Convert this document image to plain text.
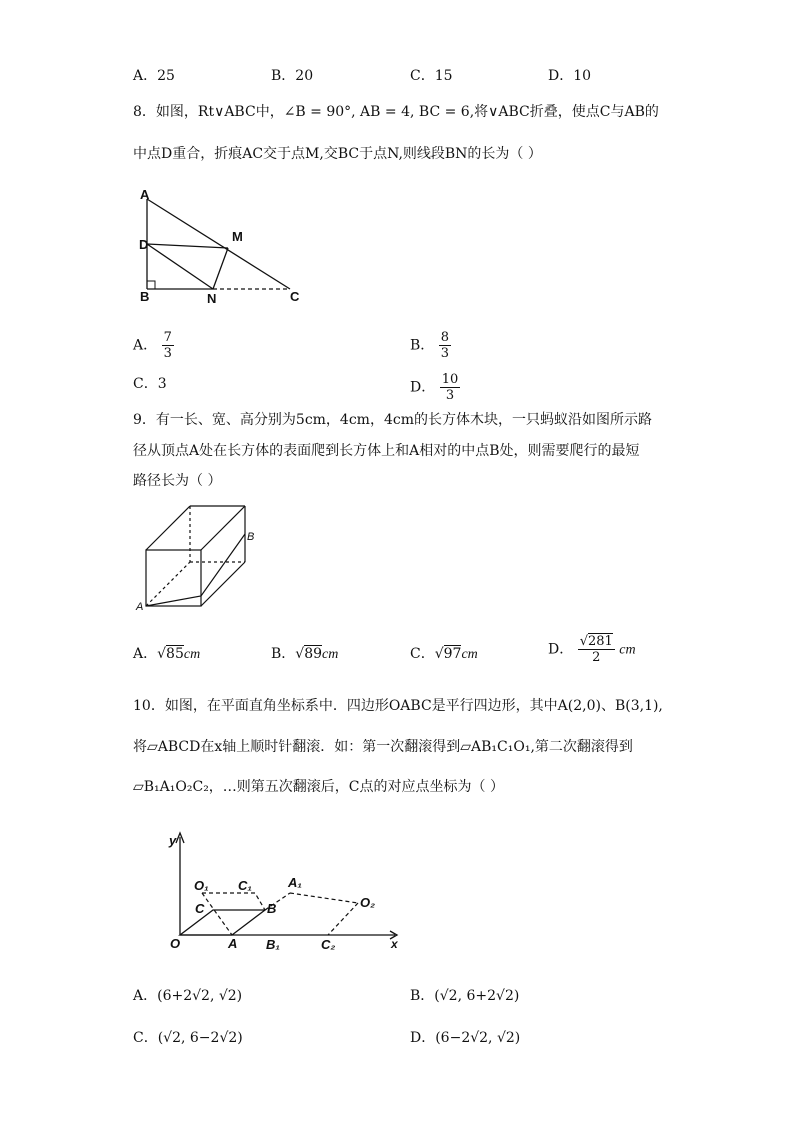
A．25	B．20	C．15	D．10
8．如图，Rt∨ABC中，∠B = 90°, AB = 4, BC = 6,将∨ABC折叠，使点C与AB的
中点D重合，折痕AC交于点M,交BC于点N,则线段BN的长为（ ）
A
D
M
B	N	C
A． $\frac{7}{3}$	B． $\frac{8}{3}$
C．3	D． $\frac{10}{3}$
9．有一长、宽、高分别为5cm，4cm，4cm的长方体木块，一只蚂蚁沿如图所示路
径从顶点A处在长方体的表面爬到长方体上和A相对的中点B处，则需要爬行的最短
路径长为（ ）
A
B
A．√85cm	B．√89cm	C．√97cm	D． $\frac{√281}{2}$ cm
10．如图，在平面直角坐标系中．四边形OABC是平行四边形，其中A(2,0)、B(3,1),
将▱ABCD在x轴上顺时针翻滚．如：第一次翻滚得到▱AB₁C₁O₁,第二次翻滚得到
▱B₁A₁O₂C₂，…则第五次翻滚后，C点的对应点坐标为（ ）
y
O₁ C₁
C	B
A₁
O₂
O	A B₁	C₂	x
A．(6+2√2, √2)	B．(√2, 6+2√2)
C．(√2, 6−2√2)	D．(6−2√2, √2)
